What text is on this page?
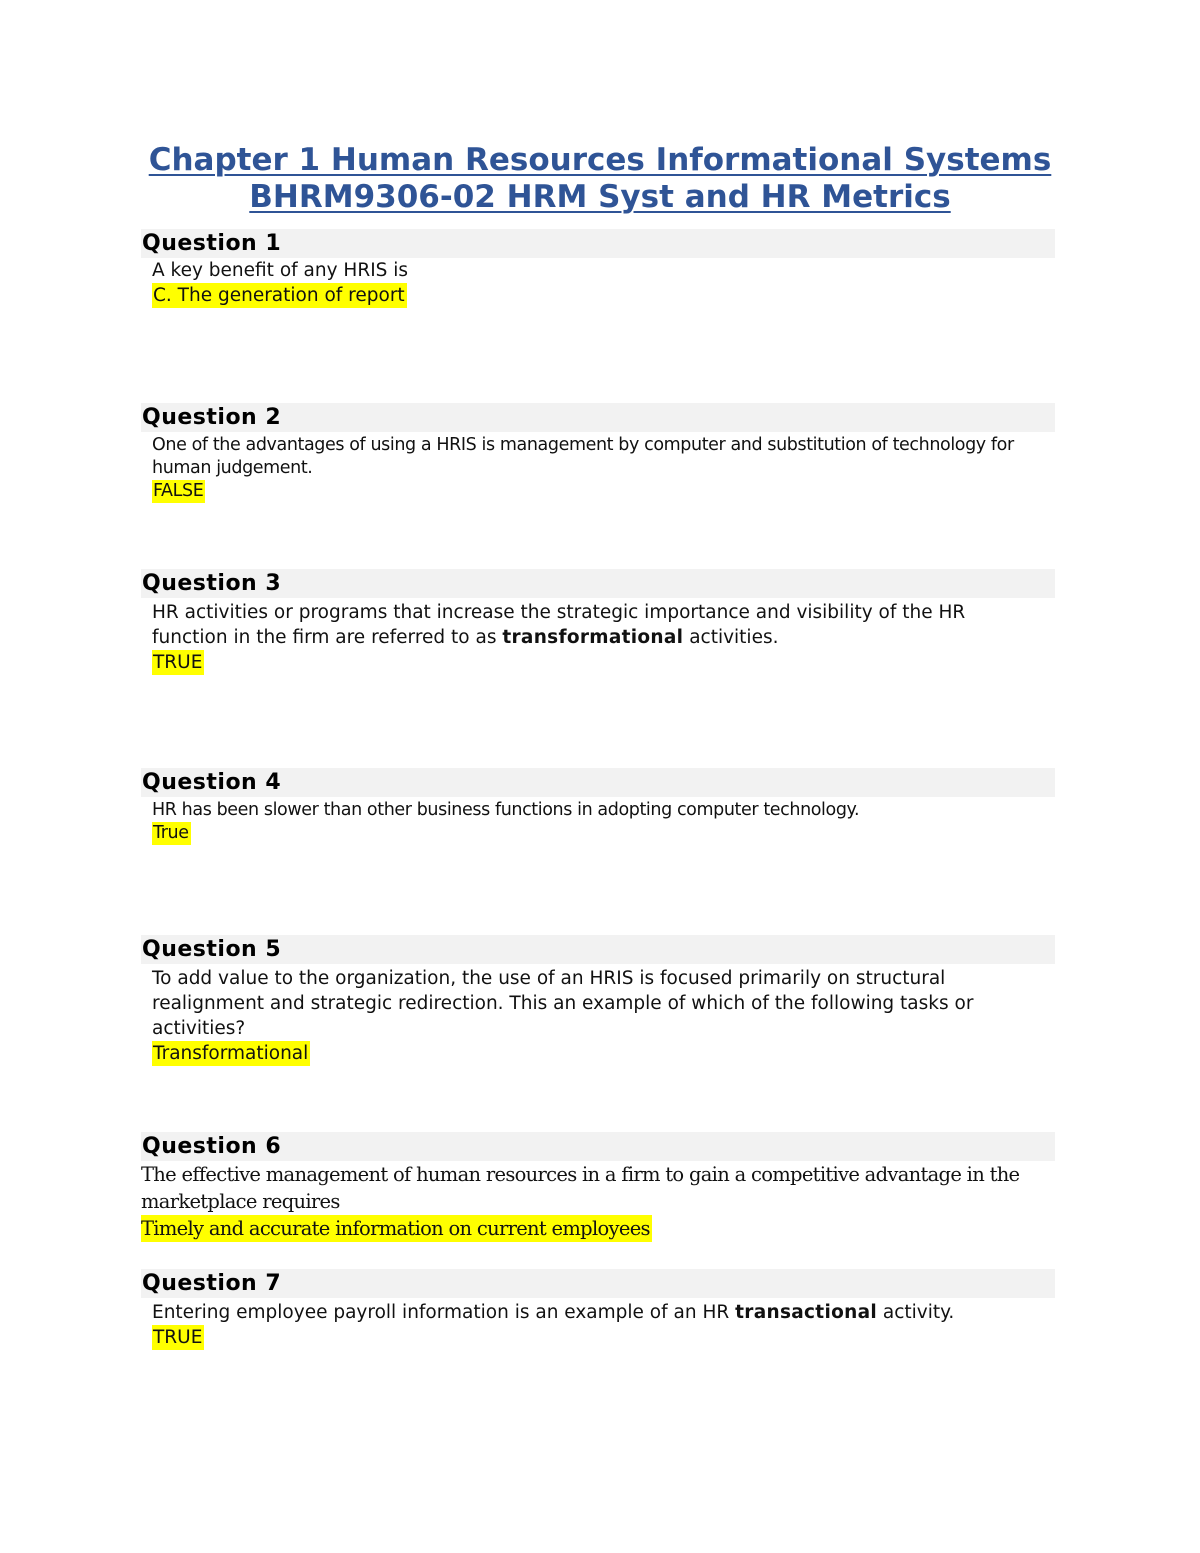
Chapter 1 Human Resources Informational Systems
BHRM9306-02 HRM Syst and HR Metrics
Question 1
A key benefit of any HRIS is
C. The generation of report
Question 2
One of the advantages of using a HRIS is management by computer and substitution of technology for human judgement.
FALSE
Question 3
HR activities or programs that increase the strategic importance and visibility of the HR function in the firm are referred to as transformational activities.
TRUE
Question 4
HR has been slower than other business functions in adopting computer technology.
True
Question 5
To add value to the organization, the use of an HRIS is focused primarily on structural realignment and strategic redirection. This an example of which of the following tasks or activities?
Transformational
Question 6
The effective management of human resources in a firm to gain a competitive advantage in the marketplace requires
Timely and accurate information on current employees
Question 7
Entering employee payroll information is an example of an HR transactional activity.
TRUE
